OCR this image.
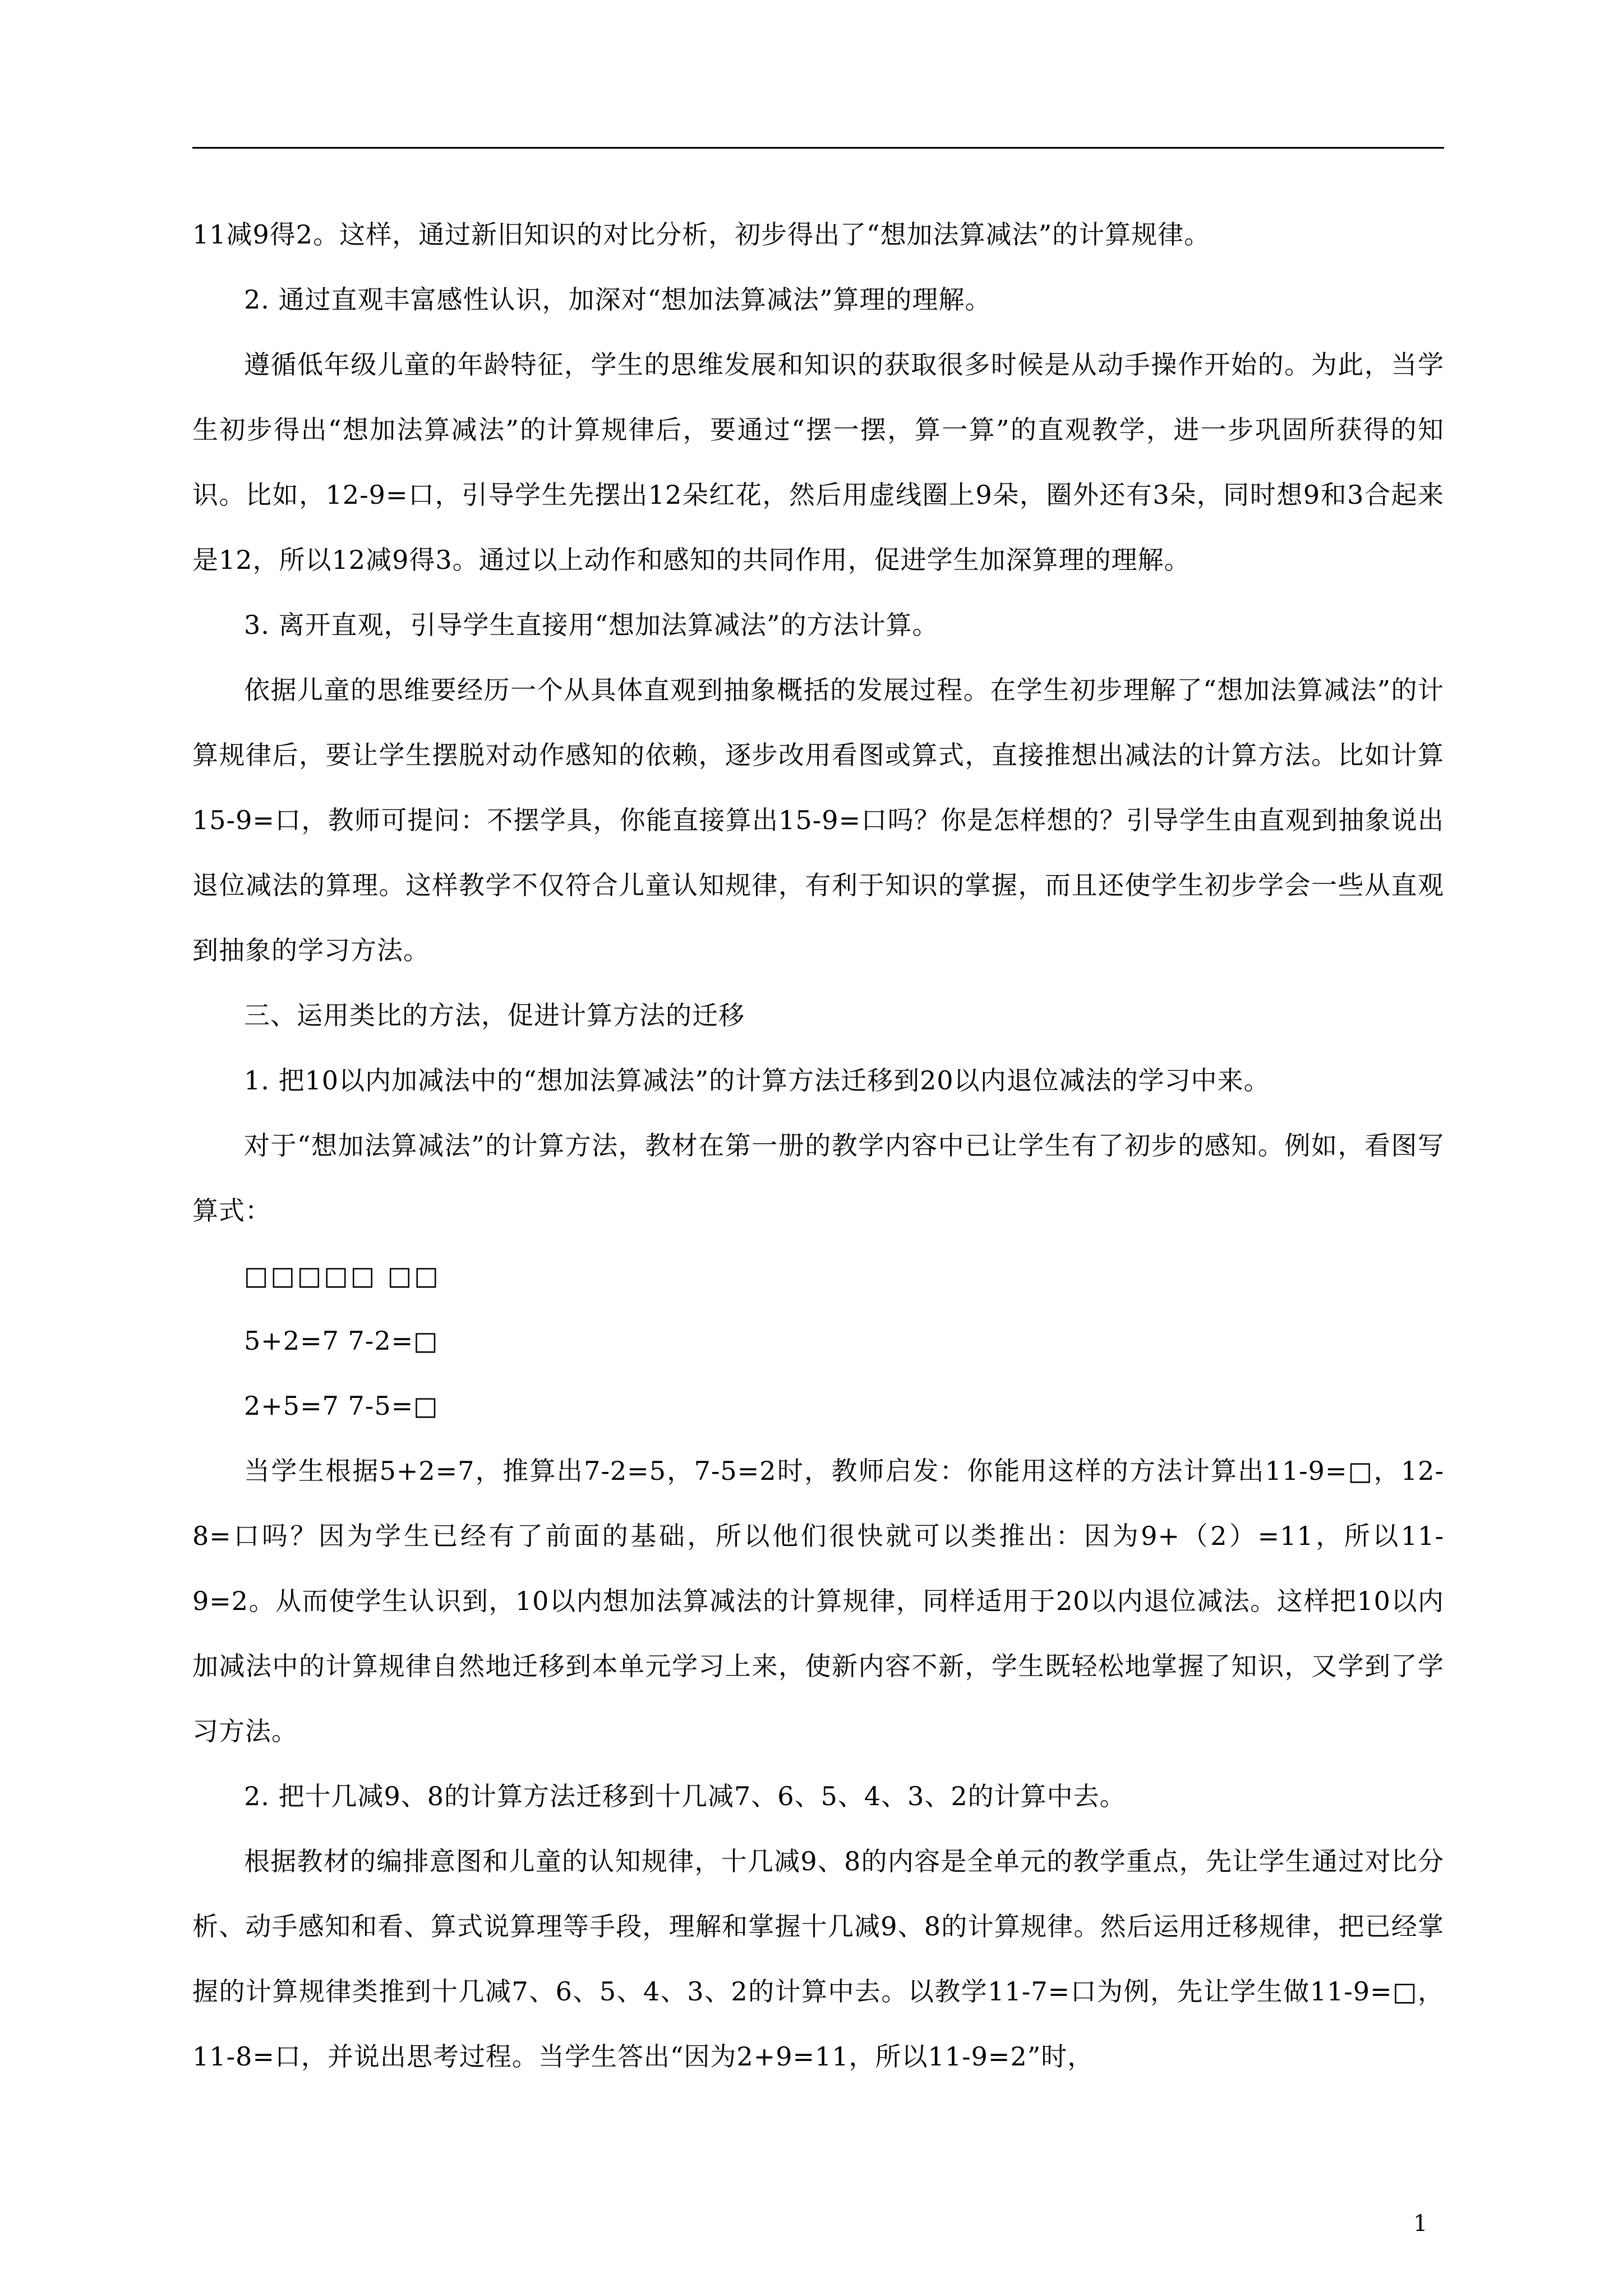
11减9得2。这样，通过新旧知识的对比分析，初步得出了“想加法算减法”的计算规律。

2. 通过直观丰富感性认识，加深对“想加法算减法”算理的理解。

遵循低年级儿童的年龄特征，学生的思维发展和知识的获取很多时候是从动手操作开始的。为此，当学生初步得出“想加法算减法”的计算规律后，要通过“摆一摆，算一算”的直观教学，进一步巩固所获得的知识。比如，12-9=口，引导学生先摆出12朵红花，然后用虚线圈上9朵，圈外还有3朵，同时想9和3合起来是12，所以12减9得3。通过以上动作和感知的共同作用，促进学生加深算理的理解。

3. 离开直观，引导学生直接用“想加法算减法”的方法计算。

依据儿童的思维要经历一个从具体直观到抽象概括的发展过程。在学生初步理解了“想加法算减法”的计算规律后，要让学生摆脱对动作感知的依赖，逐步改用看图或算式，直接推想出减法的计算方法。比如计算15-9=口，教师可提问：不摆学具，你能直接算出15-9=口吗？你是怎样想的？引导学生由直观到抽象说出退位减法的算理。这样教学不仅符合儿童认知规律，有利于知识的掌握，而且还使学生初步学会一些从直观到抽象的学习方法。

三、运用类比的方法，促进计算方法的迁移

1. 把10以内加减法中的“想加法算减法”的计算方法迁移到20以内退位减法的学习中来。

对于“想加法算减法”的计算方法，教材在第一册的教学内容中已让学生有了初步的感知。例如，看图写算式：

□□□□□ □□

5+2=7 7-2=□

2+5=7 7-5=□

当学生根据5+2=7，推算出7-2=5，7-5=2时，教师启发：你能用这样的方法计算出11-9=□，12-8=口吗？因为学生已经有了前面的基础，所以他们很快就可以类推出：因为9+（2）=11，所以11-9=2。从而使学生认识到，10以内想加法算减法的计算规律，同样适用于20以内退位减法。这样把10以内加减法中的计算规律自然地迁移到本单元学习上来，使新内容不新，学生既轻松地掌握了知识，又学到了学习方法。

2. 把十几减9、8的计算方法迁移到十几减7、6、5、4、3、2的计算中去。

根据教材的编排意图和儿童的认知规律，十几减9、8的内容是全单元的教学重点，先让学生通过对比分析、动手感知和看、算式说算理等手段，理解和掌握十几减9、8的计算规律。然后运用迁移规律，把已经掌握的计算规律类推到十几减7、6、5、4、3、2的计算中去。以教学11-7=口为例，先让学生做11-9=□，11-8=口，并说出思考过程。当学生答出“因为2+9=11，所以11-9=2”时，

1
